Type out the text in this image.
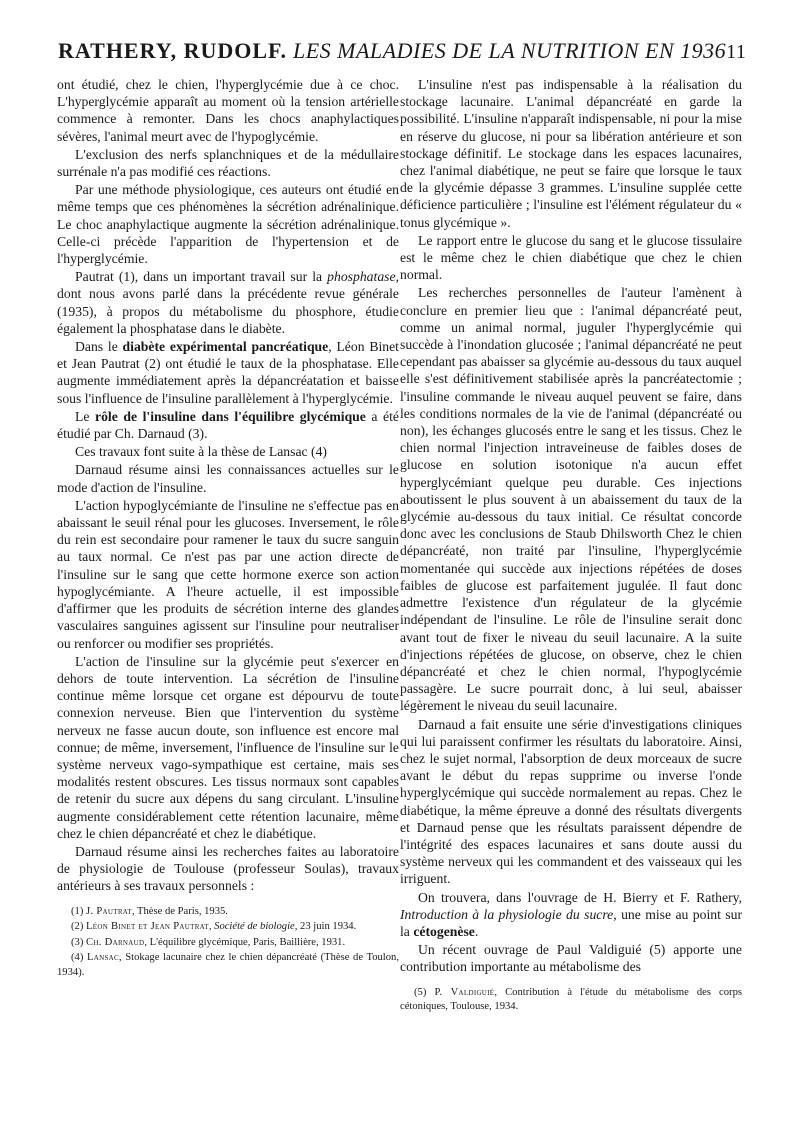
RATHERY, RUDOLF. LES MALADIES DE LA NUTRITION EN 1936 11

ont étudié, chez le chien, l'hyperglycémie due à ce choc. L'hyperglycémie apparaît au moment où la tension artérielle commence à remonter. Dans les chocs anaphylactiques sévères, l'animal meurt avec de l'hypoglycémie.

L'exclusion des nerfs splanchniques et de la médullaire surrénale n'a pas modifié ces réactions.

Par une méthode physiologique, ces auteurs ont étudié en même temps que ces phénomènes la sécrétion adrénalinique. Le choc anaphylactique augmente la sécrétion adrénalinique. Celle-ci précède l'apparition de l'hypertension et de l'hyperglycémie.

Pautrat (1), dans un important travail sur la phosphatase, dont nous avons parlé dans la précédente revue générale (1935), à propos du métabolisme du phosphore, étudie également la phosphatase dans le diabète.

Dans le diabète expérimental pancréatique, Léon Binet et Jean Pautrat (2) ont étudié le taux de la phosphatase. Elle augmente immédiatement après la dépancréatation et baisse sous l'influence de l'insuline parallèlement à l'hyperglycémie.

Le rôle de l'insuline dans l'équilibre glycémique a été étudié par Ch. Darnaud (3).

Ces travaux font suite à la thèse de Lansac (4)

Darnaud résume ainsi les connaissances actuelles sur le mode d'action de l'insuline.

L'action hypoglycémiante de l'insuline ne s'effectue pas en abaissant le seuil rénal pour les glucoses. Inversement, le rôle du rein est secondaire pour ramener le taux du sucre sanguin au taux normal. Ce n'est pas par une action directe de l'insuline sur le sang que cette hormone exerce son action hypoglycémiante. A l'heure actuelle, il est impossible d'affirmer que les produits de sécrétion interne des glandes vasculaires sanguines agissent sur l'insuline pour neutraliser ou renforcer ou modifier ses propriétés.

L'action de l'insuline sur la glycémie peut s'exercer en dehors de toute intervention. La sécrétion de l'insuline continue même lorsque cet organe est dépourvu de toute connexion nerveuse. Bien que l'intervention du système nerveux ne fasse aucun doute, son influence est encore mal connue; de même, inversement, l'influence de l'insuline sur le système nerveux vago-sympathique est certaine, mais ses modalités restent obscures. Les tissus normaux sont capables de retenir du sucre aux dépens du sang circulant. L'insuline augmente considérablement cette rétention lacunaire, même chez le chien dépancréaté et chez le diabétique.

Darnaud résume ainsi les recherches faites au laboratoire de physiologie de Toulouse (professeur Soulas), travaux antérieurs à ses travaux personnels :

(1) J. Pautrat, Thèse de Paris, 1935.

(2) Léon Binet et Jean Pautrat, Société de biologie, 23 juin 1934.

(3) Ch. Darnaud, L'équilibre glycémique, Paris, Baillière, 1931.

(4) Lansac, Stokage lacunaire chez le chien dépancréaté (Thèse de Toulon, 1934).

L'insuline n'est pas indispensable à la réalisation du stockage lacunaire. L'animal dépancréaté en garde la possibilité. L'insuline n'apparaît indispensable, ni pour la mise en réserve du glucose, ni pour sa libération antérieure et son stockage définitif. Le stockage dans les espaces lacunaires, chez l'animal diabétique, ne peut se faire que lorsque le taux de la glycémie dépasse 3 grammes. L'insuline supplée cette déficience particulière ; l'insuline est l'élément régulateur du « tonus glycémique ».

Le rapport entre le glucose du sang et le glucose tissulaire est le même chez le chien diabétique que chez le chien normal.

Les recherches personnelles de l'auteur l'amènent à conclure en premier lieu que : l'animal dépancréaté peut, comme un animal normal, juguler l'hyperglycémie qui succède à l'inondation glucosée ; l'animal dépancréaté ne peut cependant pas abaisser sa glycémie au-dessous du taux auquel elle s'est définitivement stabilisée après la pancréatectomie ; l'insuline commande le niveau auquel peuvent se faire, dans les conditions normales de la vie de l'animal (dépancréaté ou non), les échanges glucosés entre le sang et les tissus. Chez le chien normal l'injection intraveineuse de faibles doses de glucose en solution isotonique n'a aucun effet hyperglycémiant quelque peu durable. Ces injections aboutissent le plus souvent à un abaissement du taux de la glycémie au-dessous du taux initial. Ce résultat concorde donc avec les conclusions de Staub Dhilsworth Chez le chien dépancréaté, non traité par l'insuline, l'hyperglycémie momentanée qui succède aux injections répétées de doses faibles de glucose est parfaitement jugulée. Il faut donc admettre l'existence d'un régulateur de la glycémie indépendant de l'insuline. Le rôle de l'insuline serait donc avant tout de fixer le niveau du seuil lacunaire. A la suite d'injections répétées de glucose, on observe, chez le chien dépancréaté et chez le chien normal, l'hypoglycémie passagère. Le sucre pourrait donc, à lui seul, abaisser légèrement le niveau du seuil lacunaire.

Darnaud a fait ensuite une série d'investigations cliniques qui lui paraissent confirmer les résultats du laboratoire. Ainsi, chez le sujet normal, l'absorption de deux morceaux de sucre avant le début du repas supprime ou inverse l'onde hyperglycémique qui succède normalement au repas. Chez le diabétique, la même épreuve a donné des résultats divergents et Darnaud pense que les résultats paraissent dépendre de l'intégrité des espaces lacunaires et sans doute aussi du système nerveux qui les commandent et des vaisseaux qui les irriguent.

On trouvera, dans l'ouvrage de H. Bierry et F. Rathery, Introduction à la physiologie du sucre, une mise au point sur la cétogenèse.

Un récent ouvrage de Paul Valdiguié (5) apporte une contribution importante au métabolisme des

(5) P. Valdiguié, Contribution à l'étude du métabolisme des corps cétoniques, Toulouse, 1934.
